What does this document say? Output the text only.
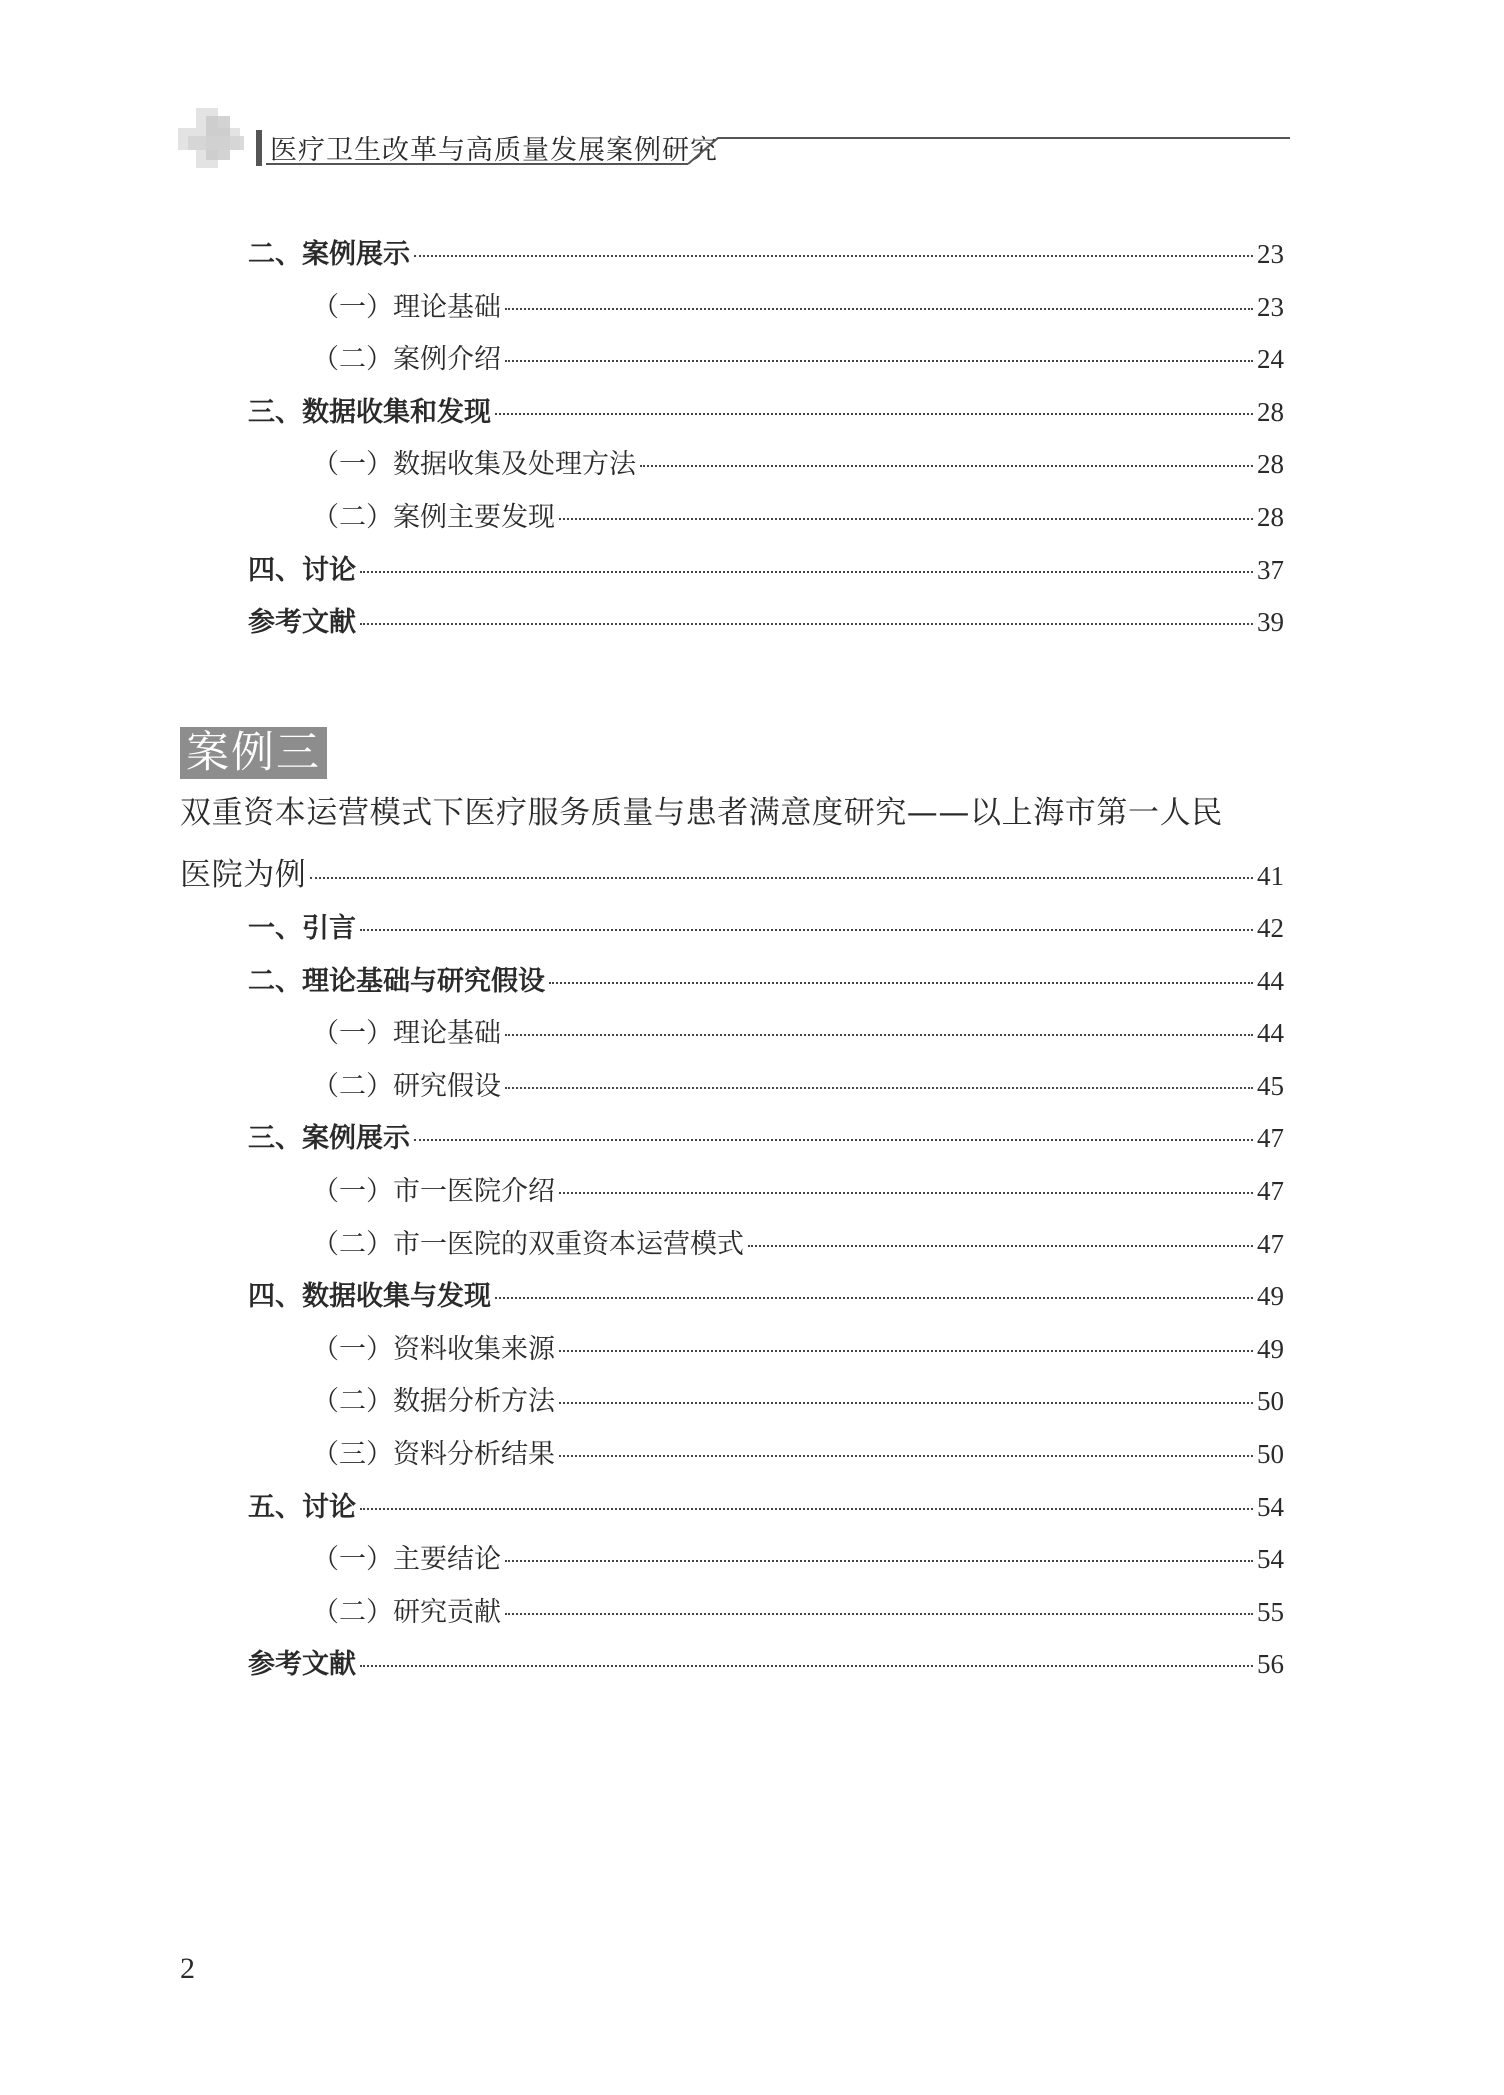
医疗卫生改革与高质量发展案例研究
二、案例展示	23
（一）理论基础	23
（二）案例介绍	24
三、数据收集和发现	28
（一）数据收集及处理方法	28
（二）案例主要发现	28
四、讨论	37
参考文献	39
案例三
双重资本运营模式下医疗服务质量与患者满意度研究——以上海市第一人民
医院为例	41
一、引言	42
二、理论基础与研究假设	44
（一）理论基础	44
（二）研究假设	45
三、案例展示	47
（一）市一医院介绍	47
（二）市一医院的双重资本运营模式	47
四、数据收集与发现	49
（一）资料收集来源	49
（二）数据分析方法	50
（三）资料分析结果	50
五、讨论	54
（一）主要结论	54
（二）研究贡献	55
参考文献	56
2
